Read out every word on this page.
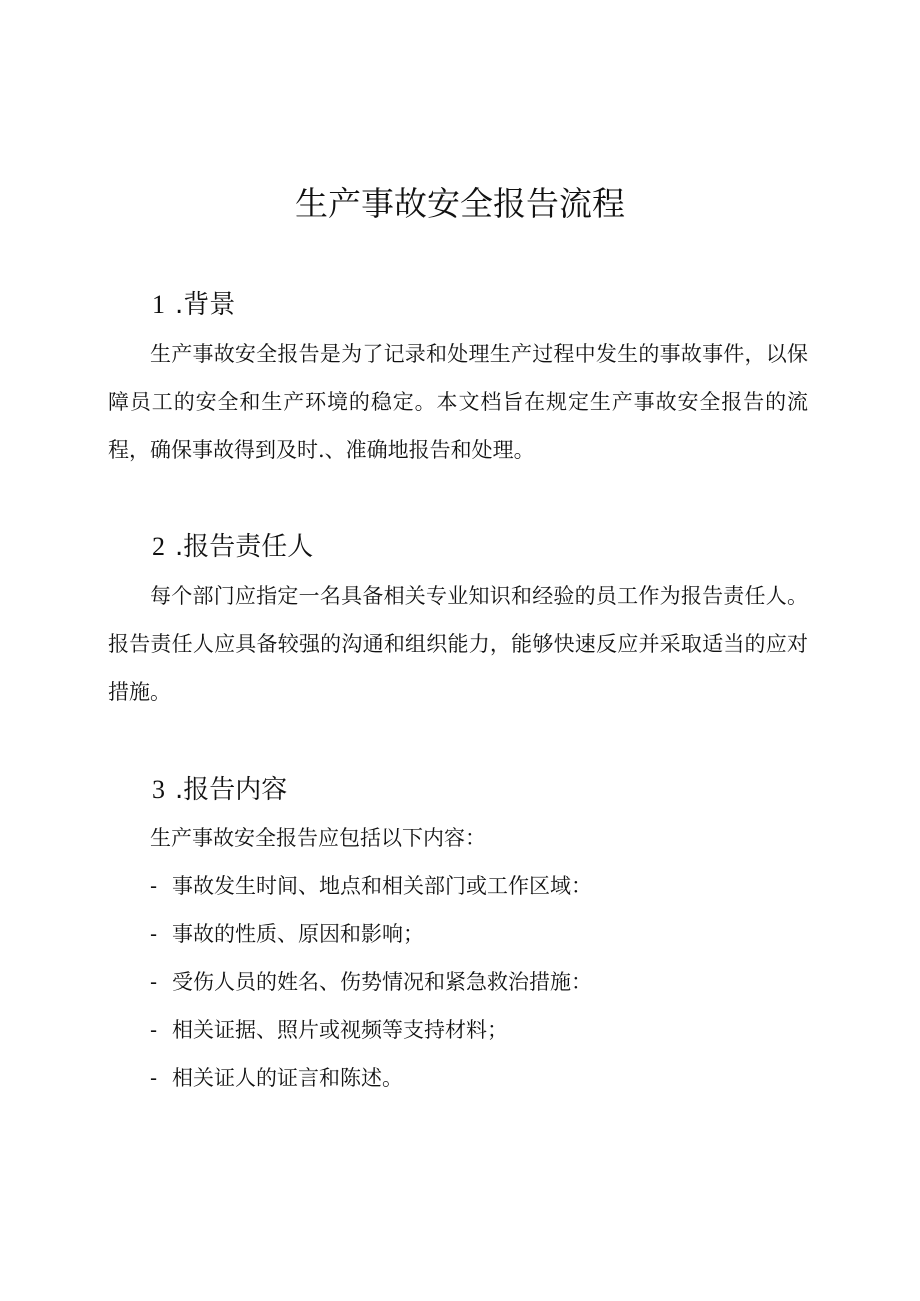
生产事故安全报告流程
1 .背景
生产事故安全报告是为了记录和处理生产过程中发生的事故事件，以保障员工的安全和生产环境的稳定。本文档旨在规定生产事故安全报告的流程，确保事故得到及时.、准确地报告和处理。
2 .报告责任人
每个部门应指定一名具备相关专业知识和经验的员工作为报告责任人。报告责任人应具备较强的沟通和组织能力，能够快速反应并采取适当的应对措施。
3 .报告内容
生产事故安全报告应包括以下内容：
- 事故发生时间、地点和相关部门或工作区域：
- 事故的性质、原因和影响；
- 受伤人员的姓名、伤势情况和紧急救治措施：
- 相关证据、照片或视频等支持材料；
- 相关证人的证言和陈述。
